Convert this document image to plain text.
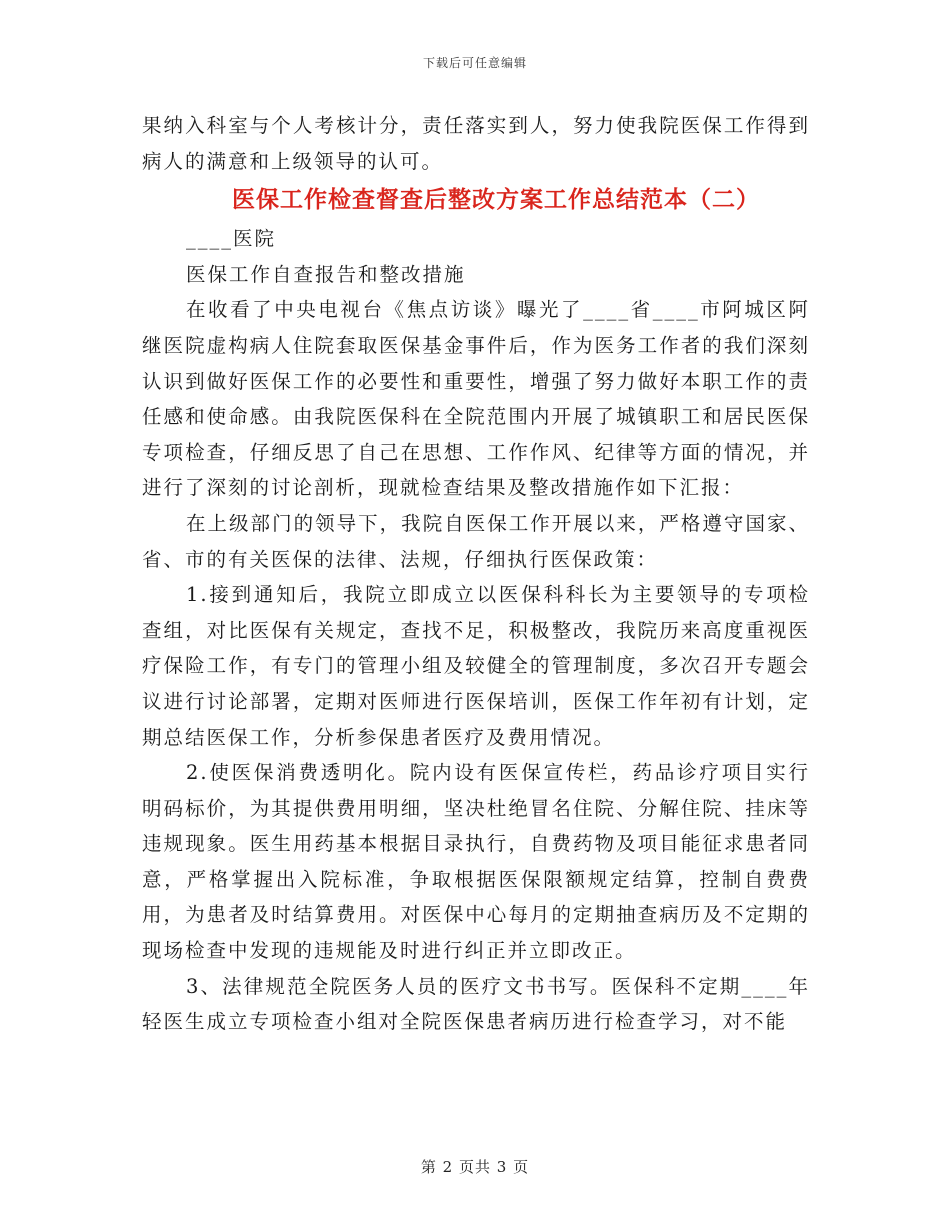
下载后可任意编辑

果纳入科室与个人考核计分，责任落实到人，努力使我院医保工作得到病人的满意和上级领导的认可。

医保工作检查督查后整改方案工作总结范本（二）

____医院

医保工作自查报告和整改措施

在收看了中央电视台《焦点访谈》曝光了____省____市阿城区阿继医院虚构病人住院套取医保基金事件后，作为医务工作者的我们深刻认识到做好医保工作的必要性和重要性，增强了努力做好本职工作的责任感和使命感。由我院医保科在全院范围内开展了城镇职工和居民医保专项检查，仔细反思了自己在思想、工作作风、纪律等方面的情况，并进行了深刻的讨论剖析，现就检查结果及整改措施作如下汇报：

在上级部门的领导下，我院自医保工作开展以来，严格遵守国家、省、市的有关医保的法律、法规，仔细执行医保政策：

1.接到通知后，我院立即成立以医保科科长为主要领导的专项检查组，对比医保有关规定，查找不足，积极整改，我院历来高度重视医疗保险工作，有专门的管理小组及较健全的管理制度，多次召开专题会议进行讨论部署，定期对医师进行医保培训，医保工作年初有计划，定期总结医保工作，分析参保患者医疗及费用情况。

2.使医保消费透明化。院内设有医保宣传栏，药品诊疗项目实行明码标价，为其提供费用明细，坚决杜绝冒名住院、分解住院、挂床等违规现象。医生用药基本根据目录执行，自费药物及项目能征求患者同意，严格掌握出入院标准，争取根据医保限额规定结算，控制自费费用，为患者及时结算费用。对医保中心每月的定期抽查病历及不定期的现场检查中发现的违规能及时进行纠正并立即改正。

3、法律规范全院医务人员的医疗文书书写。医保科不定期____年轻医生成立专项检查小组对全院医保患者病历进行检查学习，对不能

第 2 页共 3 页
